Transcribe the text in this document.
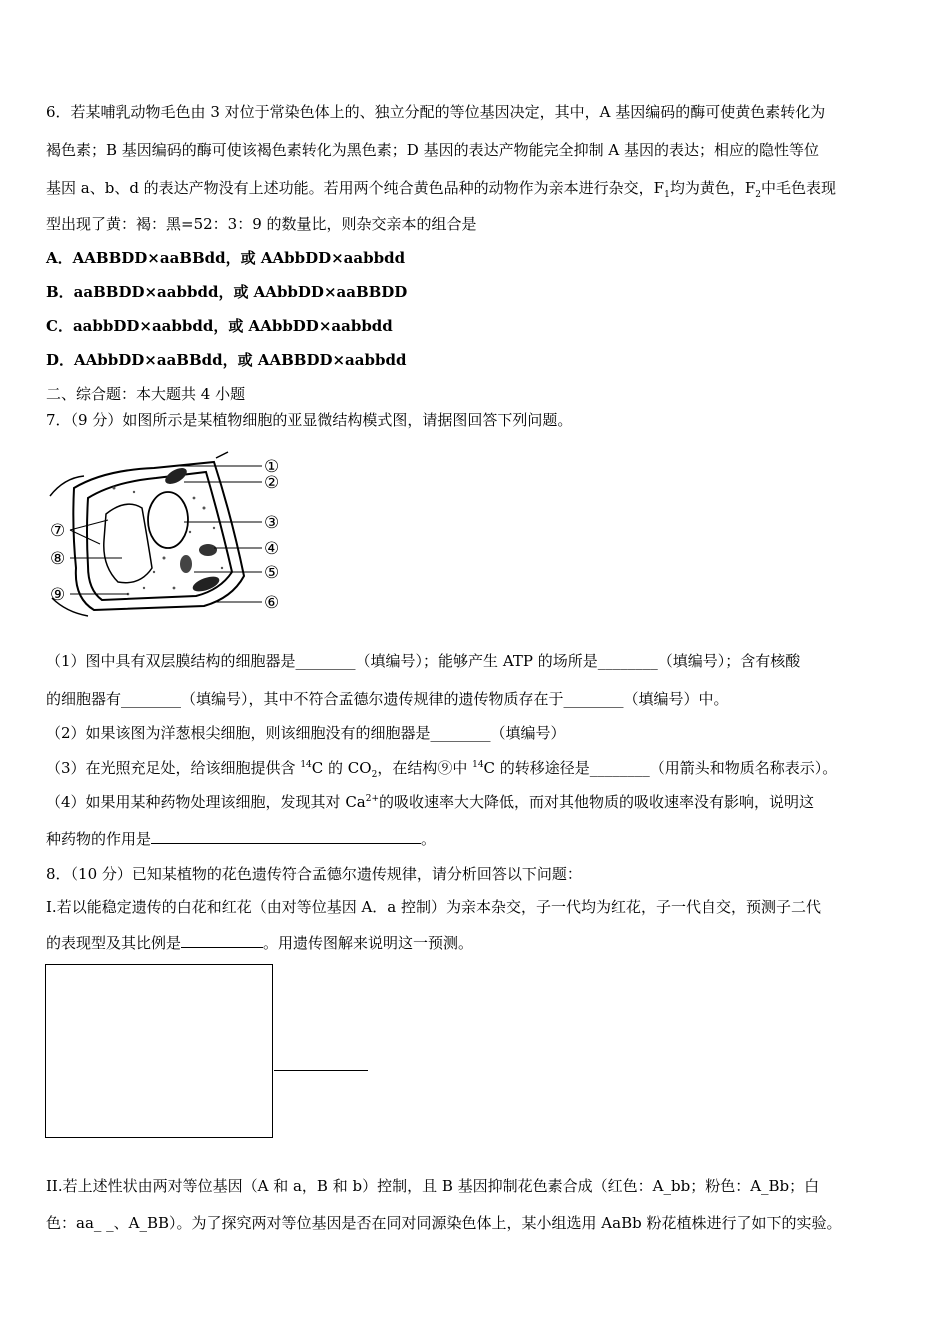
6．若某哺乳动物毛色由 3 对位于常染色体上的、独立分配的等位基因决定，其中，A 基因编码的酶可使黄色素转化为
褐色素；B 基因编码的酶可使该褐色素转化为黑色素；D 基因的表达产物能完全抑制 A 基因的表达；相应的隐性等位
基因 a、b、d 的表达产物没有上述功能。若用两个纯合黄色品种的动物作为亲本进行杂交，$F_1$均为黄色，$F_2$中毛色表现
型出现了黄：褐：黑=52：3：9 的数量比，则杂交亲本的组合是
A．AABBDD×aaBBdd，或 AAbbDD×aabbdd
B．aaBBDD×aabbdd，或 AAbbDD×aaBBDD
C．aabbDD×aabbdd，或 AAbbDD×aabbdd
D．AAbbDD×aaBBdd，或 AABBDD×aabbdd
二、综合题：本大题共 4 小题
7．（9 分）如图所示是某植物细胞的亚显微结构模式图，请据图回答下列问题。
①
②
③
④
⑤
⑥
⑦
⑧
⑨
（1）图中具有双层膜结构的细胞器是________（填编号）；能够产生 ATP 的场所是________（填编号）；含有核酸
的细胞器有________（填编号），其中不符合孟德尔遗传规律的遗传物质存在于________（填编号）中。
（2）如果该图为洋葱根尖细胞，则该细胞没有的细胞器是________（填编号）
（3）在光照充足处，给该细胞提供含 $^{14}$C 的 $CO_2$，在结构⑨中 $^{14}$C 的转移途径是________（用箭头和物质名称表示）。
（4）如果用某种药物处理该细胞，发现其对 $Ca^{2+}$的吸收速率大大降低，而对其他物质的吸收速率没有影响，说明这
种药物的作用是	。
8．（10 分）已知某植物的花色遗传符合孟德尔遗传规律，请分析回答以下问题：
I.若以能稳定遗传的白花和红花（由对等位基因 A．a 控制）为亲本杂交，子一代均为红花，子一代自交，预测子二代
的表现型及其比例是	。用遗传图解来说明这一预测。
II.若上述性状由两对等位基因（A 和 a，B 和 b）控制，且 B 基因抑制花色素合成（红色：A_bb；粉色：A_Bb；白
色：aa_ _、A_BB）。为了探究两对等位基因是否在同对同源染色体上，某小组选用 AaBb 粉花植株进行了如下的实验。
